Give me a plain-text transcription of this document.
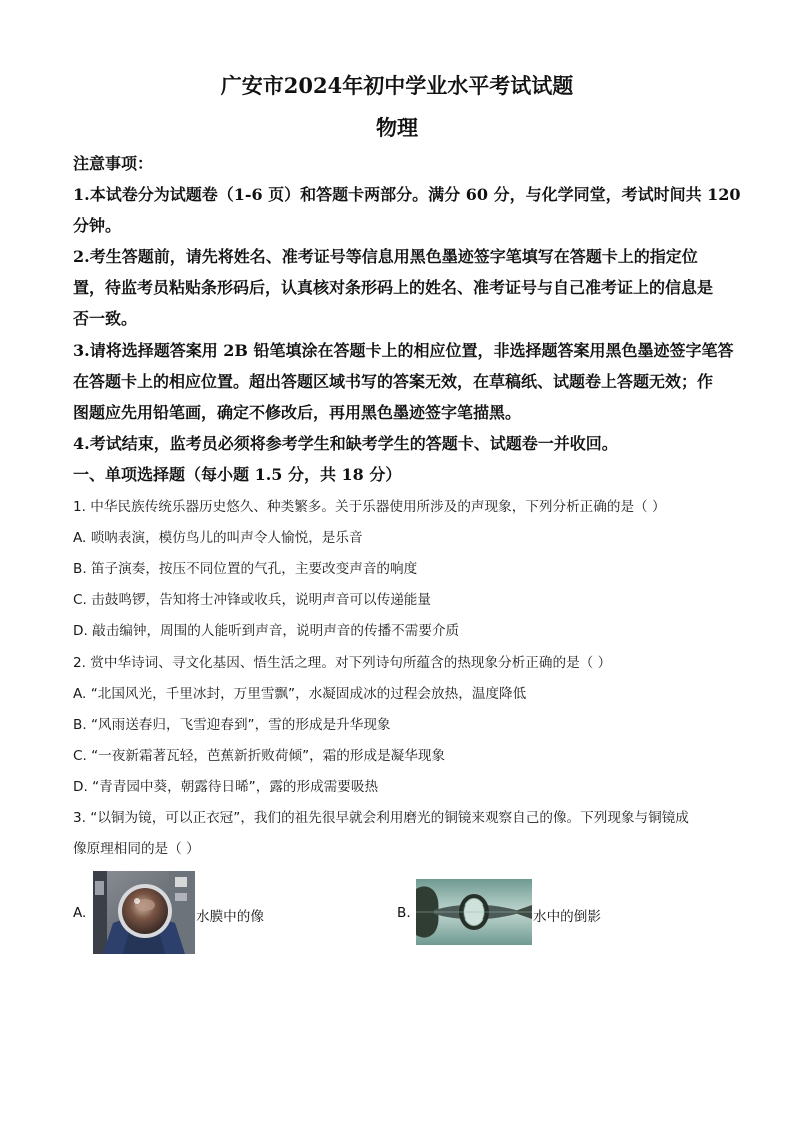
广安市2024年初中学业水平考试试题
物理
注意事项：
1.本试卷分为试题卷（1-6 页）和答题卡两部分。满分 60 分，与化学同堂，考试时间共 120
分钟。
2.考生答题前，请先将姓名、准考证号等信息用黑色墨迹签字笔填写在答题卡上的指定位
置，待监考员粘贴条形码后，认真核对条形码上的姓名、准考证号与自己准考证上的信息是
否一致。
3.请将选择题答案用 2B 铅笔填涂在答题卡上的相应位置，非选择题答案用黑色墨迹签字笔答
在答题卡上的相应位置。超出答题区域书写的答案无效，在草稿纸、试题卷上答题无效；作
图题应先用铅笔画，确定不修改后，再用黑色墨迹签字笔描黑。
4.考试结束，监考员必须将参考学生和缺考学生的答题卡、试题卷一并收回。
一、单项选择题（每小题 1.5 分，共 18 分）
1. 中华民族传统乐器历史悠久、种类繁多。关于乐器使用所涉及的声现象，下列分析正确的是（ ）
A. 唢呐表演，模仿鸟儿的叫声令人愉悦，是乐音
B. 笛子演奏，按压不同位置的气孔，主要改变声音的响度
C. 击鼓鸣锣，告知将士冲锋或收兵，说明声音可以传递能量
D. 敲击编钟，周围的人能听到声音，说明声音的传播不需要介质
2. 赏中华诗词、寻文化基因、悟生活之理。对下列诗句所蕴含的热现象分析正确的是（ ）
A. “北国风光，千里冰封，万里雪飘”，水凝固成冰的过程会放热，温度降低
B. “风雨送春归，飞雪迎春到”，雪的形成是升华现象
C. “一夜新霜著瓦轻，芭蕉新折败荷倾”，霜的形成是凝华现象
D. “青青园中葵，朝露待日晞”，露的形成需要吸热
3. “以铜为镜，可以正衣冠”，我们的祖先很早就会利用磨光的铜镜来观察自己的像。下列现象与铜镜成
像原理相同的是（ ）
A.	水膜中的像	B.	水中的倒影
